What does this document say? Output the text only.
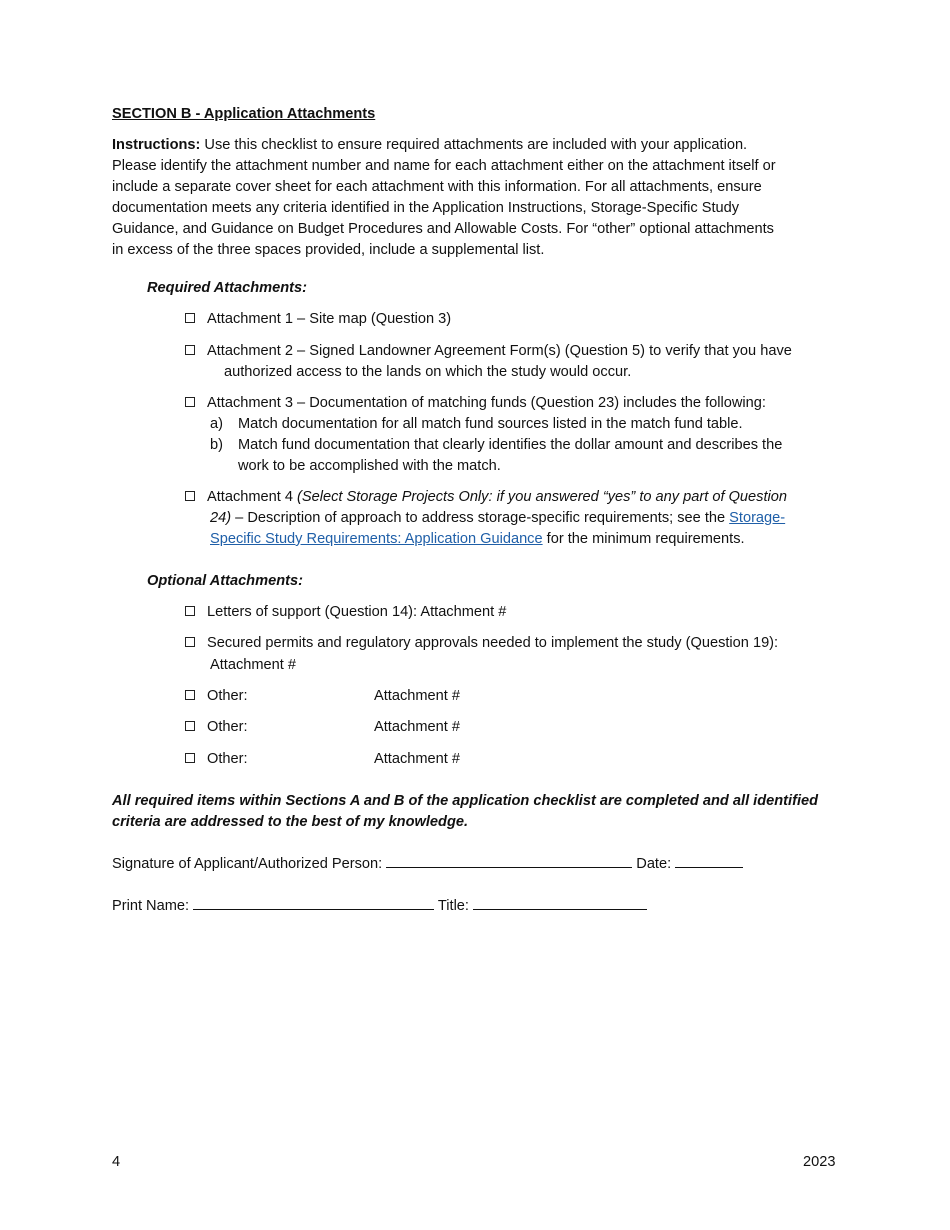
SECTION B - Application Attachments
Instructions: Use this checklist to ensure required attachments are included with your application.
Please identify the attachment number and name for each attachment either on the attachment itself or
include a separate cover sheet for each attachment with this information. For all attachments, ensure
documentation meets any criteria identified in the Application Instructions, Storage-Specific Study
Guidance, and Guidance on Budget Procedures and Allowable Costs. For “other” optional attachments
in excess of the three spaces provided, include a supplemental list.
Required Attachments:
Attachment 1 – Site map (Question 3)
Attachment 2 – Signed Landowner Agreement Form(s) (Question 5) to verify that you have
authorized access to the lands on which the study would occur.
Attachment 3 – Documentation of matching funds (Question 23) includes the following:
a) Match documentation for all match fund sources listed in the match fund table.
b) Match fund documentation that clearly identifies the dollar amount and describes the
work to be accomplished with the match.
Attachment 4 (Select Storage Projects Only: if you answered “yes” to any part of Question
24) – Description of approach to address storage-specific requirements; see the Storage-
Specific Study Requirements: Application Guidance for the minimum requirements.
Optional Attachments:
Letters of support (Question 14): Attachment #
Secured permits and regulatory approvals needed to implement the study (Question 19):
Attachment #
Other:	Attachment #
Other:	Attachment #
Other:	Attachment #
All required items within Sections A and B of the application checklist are completed and all identified
criteria are addressed to the best of my knowledge.
Signature of Applicant/Authorized Person:	Date:
Print Name:	Title:
4	2023
